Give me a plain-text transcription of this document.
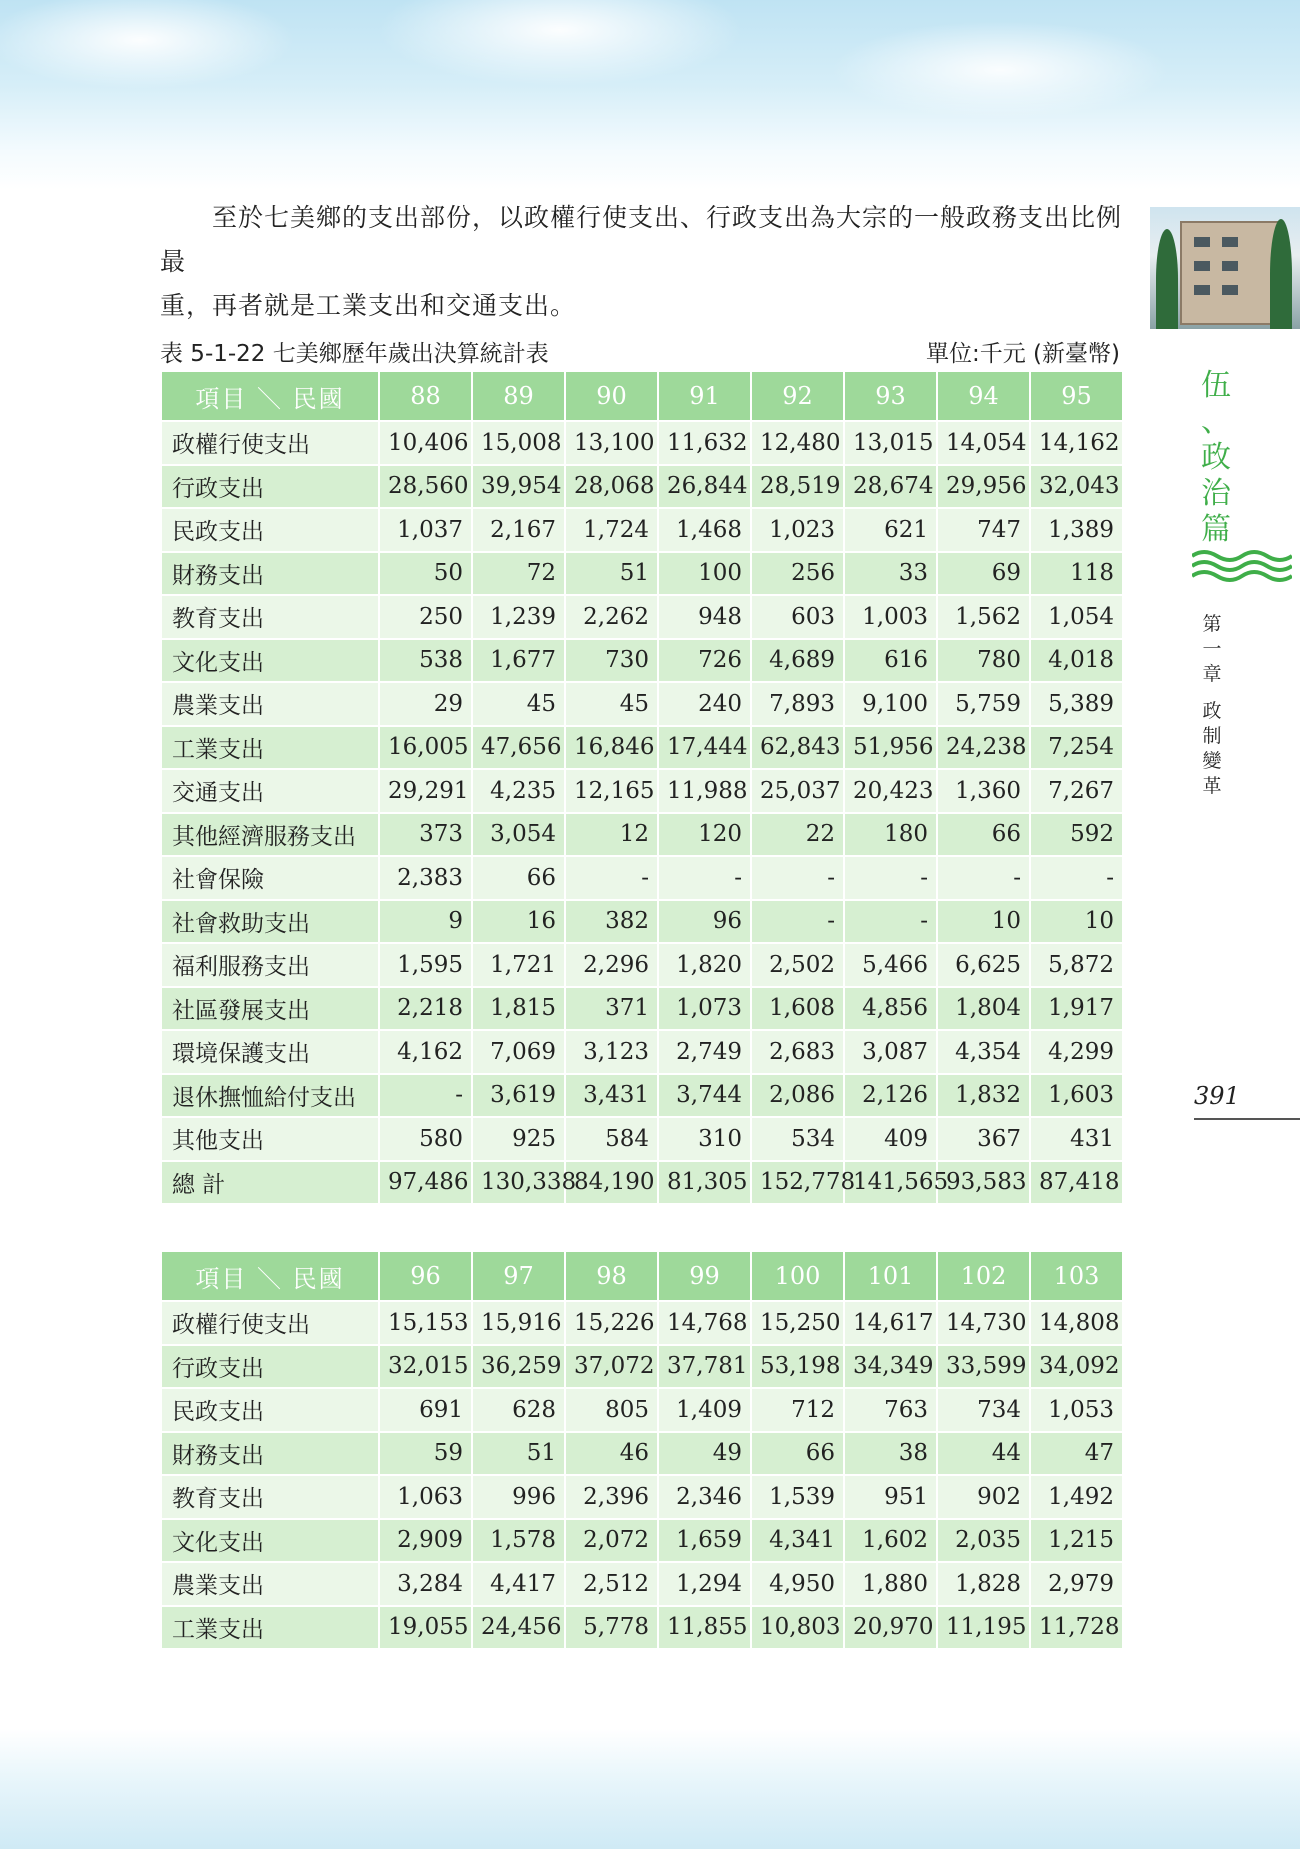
至於七美鄉的支出部份，以政權行使支出、行政支出為大宗的一般政務支出比例最

重，再者就是工業支出和交通支出。

表 5-1-22 七美鄉歷年歲出決算統計表	單位:千元 (新臺幣)
項目 ＼ 民國	88	89	90	91	92	93	94	95
政權行使支出	10,406	15,008	13,100	11,632	12,480	13,015	14,054	14,162
行政支出	28,560	39,954	28,068	26,844	28,519	28,674	29,956	32,043
民政支出	1,037	2,167	1,724	1,468	1,023	621	747	1,389
財務支出	50	72	51	100	256	33	69	118
教育支出	250	1,239	2,262	948	603	1,003	1,562	1,054
文化支出	538	1,677	730	726	4,689	616	780	4,018
農業支出	29	45	45	240	7,893	9,100	5,759	5,389
工業支出	16,005	47,656	16,846	17,444	62,843	51,956	24,238	7,254
交通支出	29,291	4,235	12,165	11,988	25,037	20,423	1,360	7,267
其他經濟服務支出	373	3,054	12	120	22	180	66	592
社會保險	2,383	66	-	-	-	-	-	-
社會救助支出	9	16	382	96	-	-	10	10
福利服務支出	1,595	1,721	2,296	1,820	2,502	5,466	6,625	5,872
社區發展支出	2,218	1,815	371	1,073	1,608	4,856	1,804	1,917
環境保護支出	4,162	7,069	3,123	2,749	2,683	3,087	4,354	4,299
退休撫恤給付支出	-	3,619	3,431	3,744	2,086	2,126	1,832	1,603
其他支出	580	925	584	310	534	409	367	431
總 計	97,486	130,338	84,190	81,305	152,778	141,565	93,583	87,418
項目 ＼ 民國	96	97	98	99	100	101	102	103
政權行使支出	15,153	15,916	15,226	14,768	15,250	14,617	14,730	14,808
行政支出	32,015	36,259	37,072	37,781	53,198	34,349	33,599	34,092
民政支出	691	628	805	1,409	712	763	734	1,053
財務支出	59	51	46	49	66	38	44	47
教育支出	1,063	996	2,396	2,346	1,539	951	902	1,492
文化支出	2,909	1,578	2,072	1,659	4,341	1,602	2,035	1,215
農業支出	3,284	4,417	2,512	1,294	4,950	1,880	1,828	2,979
工業支出	19,055	24,456	5,778	11,855	10,803	20,970	11,195	11,728
伍
、
政
治
篇
第
一
章
政
制
變
革
391
